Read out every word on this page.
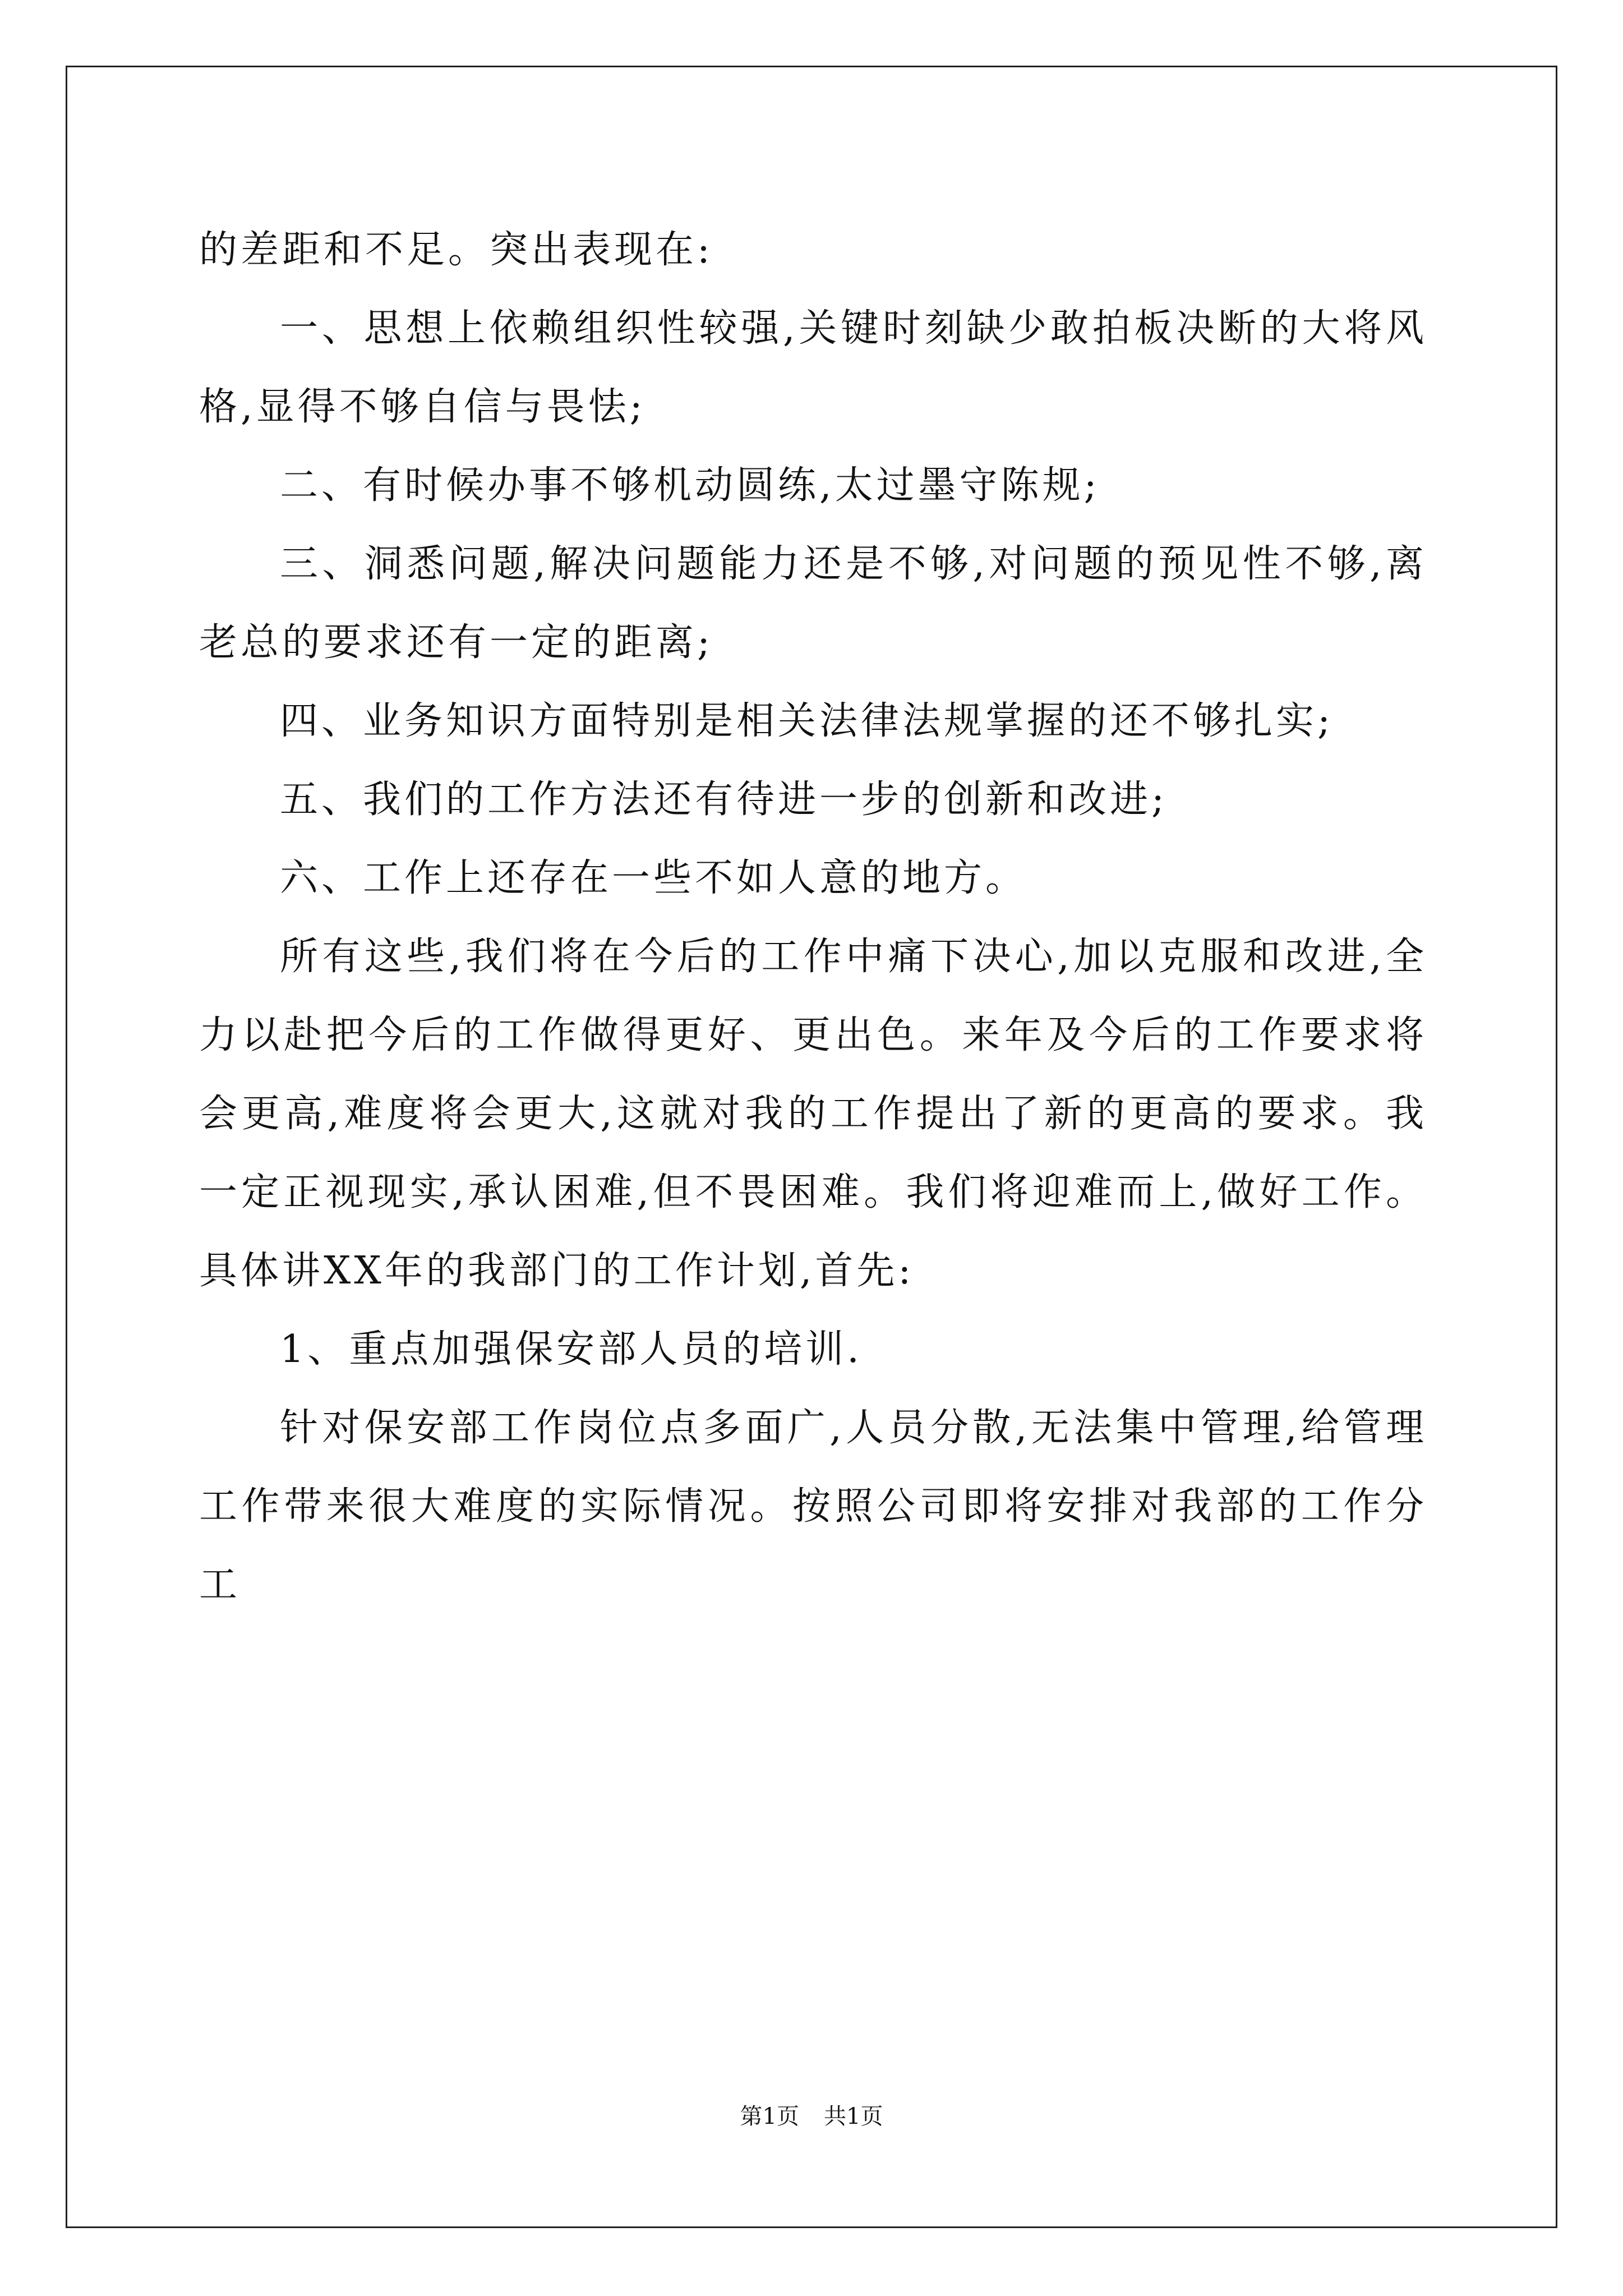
的差距和不足。突出表现在:

一、思想上依赖组织性较强,关键时刻缺少敢拍板决断的大将风格,显得不够自信与畏怯;

二、有时候办事不够机动圆练,太过墨守陈规;

三、洞悉问题,解决问题能力还是不够,对问题的预见性不够,离老总的要求还有一定的距离;

四、业务知识方面特别是相关法律法规掌握的还不够扎实;

五、我们的工作方法还有待进一步的创新和改进;

六、工作上还存在一些不如人意的地方。

所有这些,我们将在今后的工作中痛下决心,加以克服和改进,全力以赴把今后的工作做得更好、更出色。来年及今后的工作要求将会更高,难度将会更大,这就对我的工作提出了新的更高的要求。我一定正视现实,承认困难,但不畏困难。我们将迎难而上,做好工作。具体讲XX年的我部门的工作计划,首先:

1、重点加强保安部人员的培训.

针对保安部工作岗位点多面广,人员分散,无法集中管理,给管理工作带来很大难度的实际情况。按照公司即将安排对我部的工作分工

第1页 共1页
